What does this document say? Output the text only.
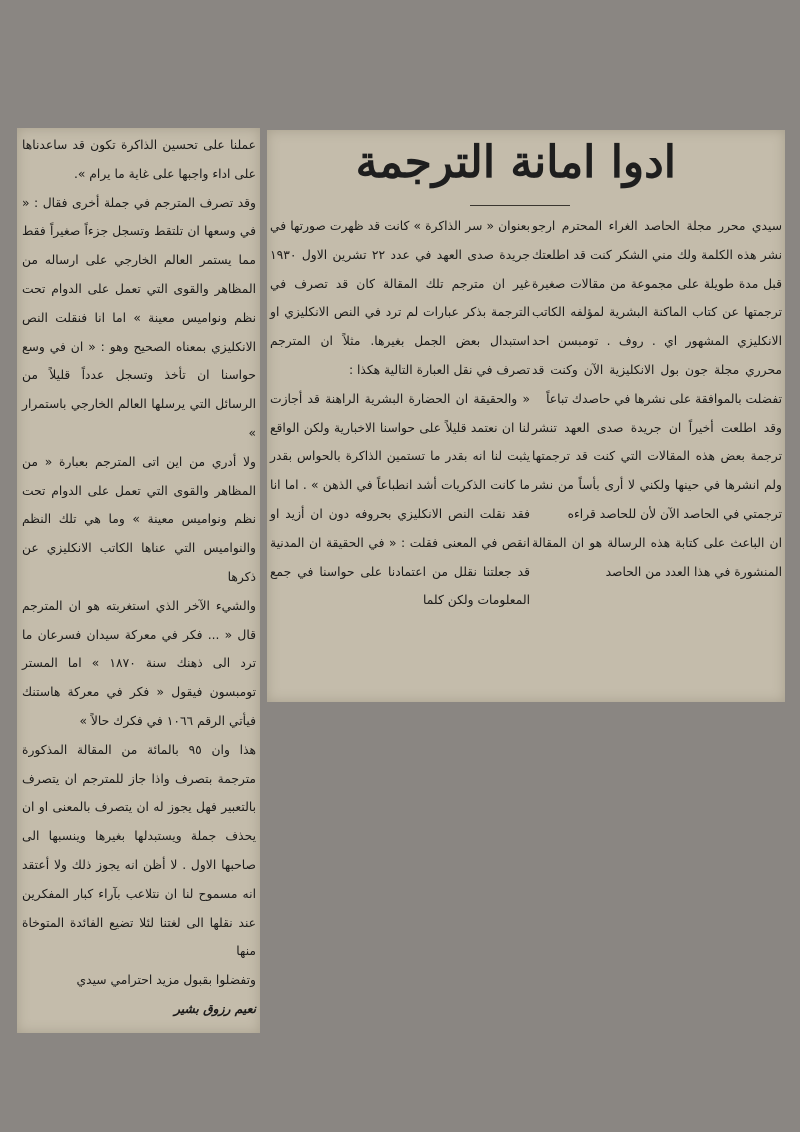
ادوا امانة الترجمة

سيدي محرر مجلة الحاصد الغراء المحترم ارجو نشر هذه الكلمة ولك مني الشكر كنت قد اطلعتك قبل مدة طويلة على مجموعة من مقالات صغيرة ترجمتها عن كتاب الماكنة البشرية لمؤلفه الكاتب الانكليزي المشهور اي . روف . تومبسن احد محرري مجلة جون بول الانكليزية الآن وكنت قد تفضلت بالموافقة على نشرها في حاصدك تباعاً

وقد اطلعت أخيراً ان جريدة صدى العهد تنشر ترجمة بعض هذه المقالات التي كنت قد ترجمتها ولم انشرها في حينها ولكني لا أرى بأساً من نشر ترجمتي في الحاصد الآن لأن للحاصد قراءه

ان الباعث على كتابة هذه الرسالة هو ان المقالة المنشورة في هذا العدد من الحاصد

بعنوان « سر الذاكرة » كانت قد ظهرت صورتها في جريدة صدى العهد في عدد ٢٢ تشرين الاول ١٩٣٠ غير ان مترجم تلك المقالة كان قد تصرف في الترجمة بذكر عبارات لم ترد في النص الانكليزي او استبدال بعض الجمل بغيرها. مثلاً ان المترجم تصرف في نقل العبارة التالية هكذا :

« والحقيقة ان الحضارة البشرية الراهنة قد أجازت لنا ان نعتمد قليلاً على حواسنا الاخبارية ولكن الواقع يثبت لنا انه بقدر ما تستمين الذاكرة بالحواس بقدر ما كانت الذكريات أشد انطباعاً في الذهن » . اما انا فقد نقلت النص الانكليزي بحروفه دون ان أزيد او انقص في المعنى فقلت : « في الحقيقة ان المدنية قد جعلتنا نقلل من اعتمادنا على حواسنا في جمع المعلومات ولكن كلما

عملنا على تحسين الذاكرة تكون قد ساعدناها على اداء واجبها على غاية ما يرام ».

وقد تصرف المترجم في جملة أخرى فقال : « في وسعها ان تلتقط وتسجل جزءاً صغيراً فقط مما يستمر العالم الخارجي على ارساله من المظاهر والقوى التي تعمل على الدوام تحت نظم ونواميس معينة » اما انا فنقلت النص الانكليزي بمعناه الصحيح وهو : « ان في وسع حواسنا ان تأخذ وتسجل عدداً قليلاً من الرسائل التي يرسلها العالم الخارجي باستمرار »

ولا أدري من اين اتى المترجم بعبارة « من المظاهر والقوى التي تعمل على الدوام تحت نظم ونواميس معينة » وما هي تلك النظم والنواميس التي عناها الكاتب الانكليزي عن ذكرها

والشيء الآخر الذي استغربته هو ان المترجم قال « ... فكر في معركة سيدان فسرعان ما ترد الى ذهنك سنة ١٨٧٠ » اما المستر تومبسون فيقول « فكر في معركة هاستنك فيأتي الرقم ١٠٦٦ في فكرك حالاً »

هذا وان ٩٥ بالمائة من المقالة المذكورة مترجمة بتصرف واذا جاز للمترجم ان يتصرف بالتعبير فهل يجوز له ان يتصرف بالمعنى او ان يحذف جملة ويستبدلها بغيرها وينسبها الى صاحبها الاول . لا أظن انه يجوز ذلك ولا أعتقد انه مسموح لنا ان نتلاعب بآراء كبار المفكرين عند نقلها الى لغتنا لئلا تضيع الفائدة المتوخاة منها

وتفضلوا بقبول مزيد احترامي سيدي

نعيم رزوق بشير
